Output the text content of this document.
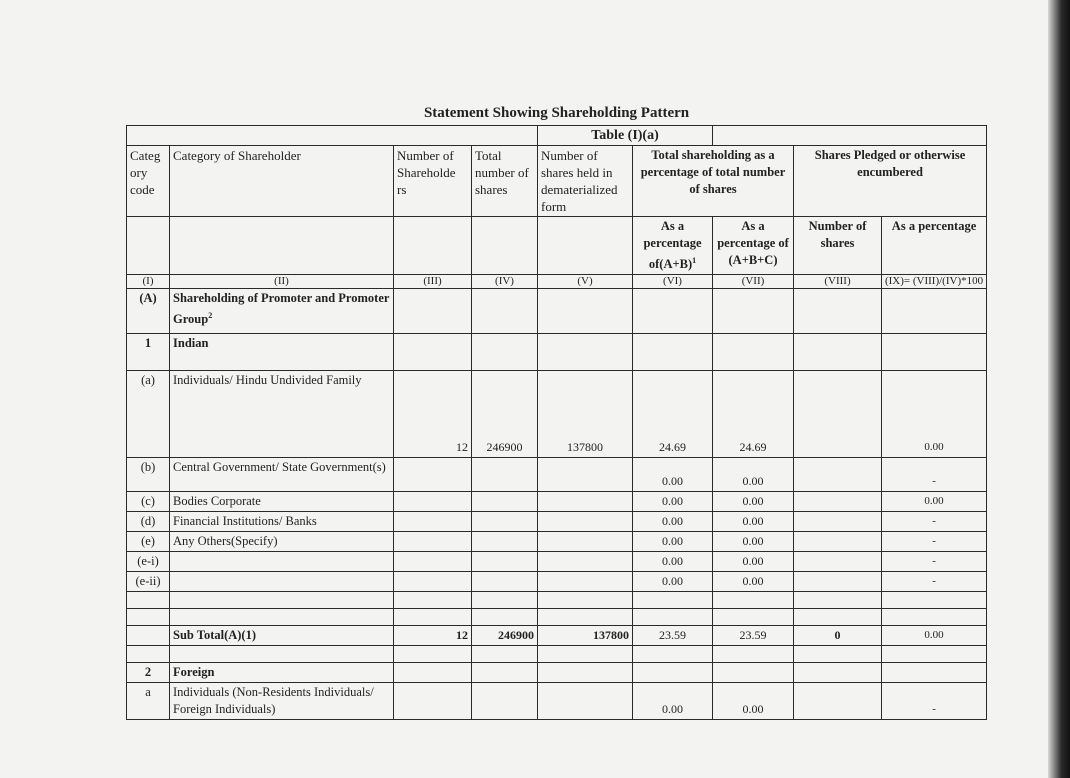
Statement Showing Shareholding Pattern								
				Table (I)(a)				
Categ ory code	Category of Shareholder	Number of Shareholde rs	Total number of shares	Number of shares held in dematerialized form	Total shareholding as a percentage of total number of shares		Shares Pledged or otherwise encumbered	
					As a percentage $of(A+B)^1$	As a percentage of (A+B+C)	Number of shares	As a percentage
(I)	(II)	(III)	(IV)	(V)	(VI)	(VII)	(VIII)	(IX)= (VIII)/(IV)*100
(A)	Shareholding of Promoter and Promoter Group$^2$							
1	Indian							
(a)	Individuals/ Hindu Undivided Family	12	246900	137800	24.69	24.69		0.00
(b)	Central Government/ State Government(s)				0.00	0.00		-
(c)	Bodies Corporate				0.00	0.00		0.00
(d)	Financial Institutions/ Banks				0.00	0.00		-
(e)	Any Others(Specify)				0.00	0.00		-
(e-i)					0.00	0.00		-
(e-ii)					0.00	0.00		-

	Sub Total(A)(1)	12	246900	137800	23.59	23.59	0	0.00

2	Foreign							
a	Individuals (Non-Residents Individuals/ Foreign Individuals)				0.00	0.00		-
